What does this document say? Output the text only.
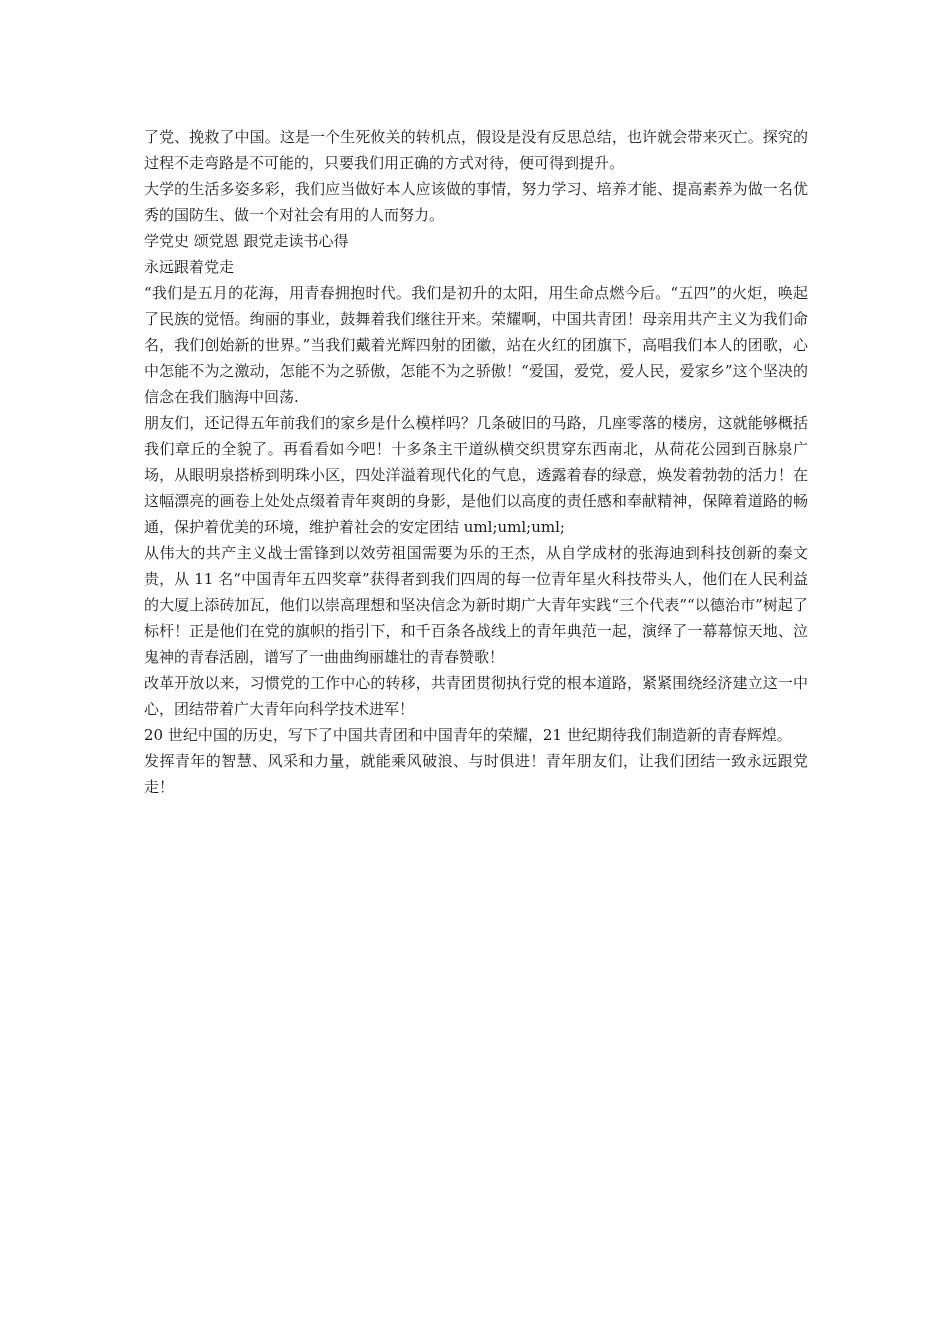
了党、挽救了中国。这是一个生死攸关的转机点，假设是没有反思总结，也许就会带来灭亡。探究的过程不走弯路是不可能的，只要我们用正确的方式对待，便可得到提升。

大学的生活多姿多彩，我们应当做好本人应该做的事情，努力学习、培养才能、提高素养为做一名优秀的国防生、做一个对社会有用的人而努力。

学党史 颂党恩 跟党走读书心得

永远跟着党走

“我们是五月的花海，用青春拥抱时代。我们是初升的太阳，用生命点燃今后。“五四”的火炬，唤起了民族的觉悟。绚丽的事业，鼓舞着我们继往开来。荣耀啊，中国共青团！母亲用共产主义为我们命名，我们创始新的世界。”当我们戴着光辉四射的团徽，站在火红的团旗下，高唱我们本人的团歌，心中怎能不为之激动，怎能不为之骄傲，怎能不为之骄傲！“爱国，爱党，爱人民，爱家乡”这个坚决的信念在我们脑海中回荡.

朋友们，还记得五年前我们的家乡是什么模样吗？几条破旧的马路，几座零落的楼房，这就能够概括我们章丘的全貌了。再看看如今吧！十多条主干道纵横交织贯穿东西南北，从荷花公园到百脉泉广场，从眼明泉搭桥到明珠小区，四处洋溢着现代化的气息，透露着春的绿意，焕发着勃勃的活力！在这幅漂亮的画卷上处处点缀着青年爽朗的身影，是他们以高度的责任感和奉献精神，保障着道路的畅通，保护着优美的环境，维护着社会的安定团结 uml;uml;uml;

从伟大的共产主义战士雷锋到以效劳祖国需要为乐的王杰，从自学成材的张海迪到科技创新的秦文贵，从 11 名“中国青年五四奖章”获得者到我们四周的每一位青年星火科技带头人，他们在人民利益的大厦上添砖加瓦，他们以崇高理想和坚决信念为新时期广大青年实践“三个代表”“以德治市”树起了标杆！正是他们在党的旗帜的指引下，和千百条各战线上的青年典范一起，演绎了一幕幕惊天地、泣鬼神的青春活剧，谱写了一曲曲绚丽雄壮的青春赞歌！

改革开放以来，习惯党的工作中心的转移，共青团贯彻执行党的根本道路，紧紧围绕经济建立这一中心，团结带着广大青年向科学技术进军！

20 世纪中国的历史，写下了中国共青团和中国青年的荣耀，21 世纪期待我们制造新的青春辉煌。

发挥青年的智慧、风采和力量，就能乘风破浪、与时俱进！青年朋友们，让我们团结一致永远跟党走！
